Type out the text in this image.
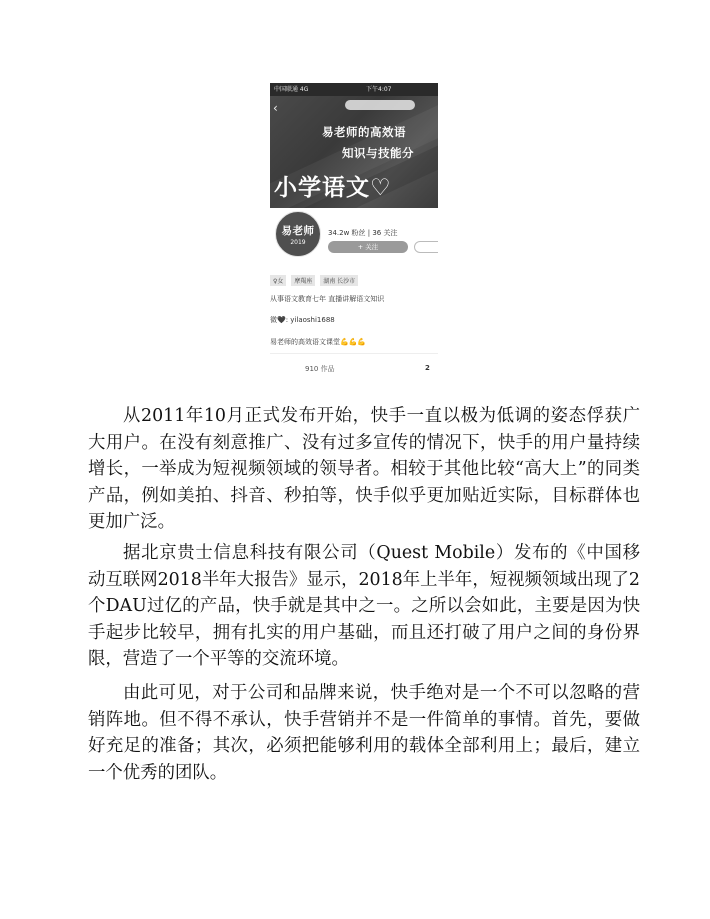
中国联通 4G	下午4:07
‹
易老师的高效语
知识与技能分
小学语文♡
易老师
2019
34.2w 粉丝 | 36 关注
+ 关注
♀女 摩羯座 湖南 长沙市
从事语文教育七年 直播讲解语文知识
微🖤: yilaoshi1688
易老师的高效语文课堂💪💪💪
910 作品	2

从2011年10月正式发布开始，快手一直以极为低调的姿态俘获广大用户。在没有刻意推广、没有过多宣传的情况下，快手的用户量持续增长，一举成为短视频领域的领导者。相较于其他比较“高大上”的同类产品，例如美拍、抖音、秒拍等，快手似乎更加贴近实际，目标群体也更加广泛。

据北京贵士信息科技有限公司（Quest Mobile）发布的《中国移动互联网2018半年大报告》显示，2018年上半年，短视频领域出现了2个DAU过亿的产品，快手就是其中之一。之所以会如此，主要是因为快手起步比较早，拥有扎实的用户基础，而且还打破了用户之间的身份界限，营造了一个平等的交流环境。

由此可见，对于公司和品牌来说，快手绝对是一个不可以忽略的营销阵地。但不得不承认，快手营销并不是一件简单的事情。首先，要做好充足的准备；其次，必须把能够利用的载体全部利用上；最后，建立一个优秀的团队。
